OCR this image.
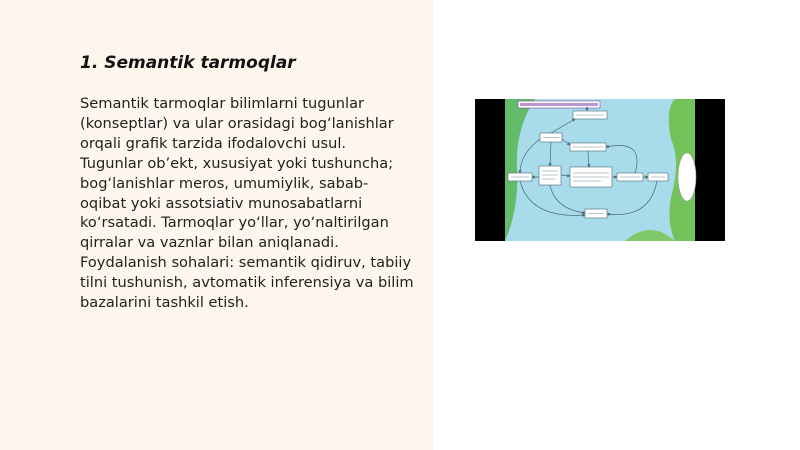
1. Semantik tarmoqlar

Semantik tarmoqlar bilimlarni tugunlar
(konseptlar) va ular orasidagi bog‘lanishlar
orqali grafik tarzida ifodalovchi usul.
Tugunlar ob’ekt, xususiyat yoki tushuncha;
bog‘lanishlar meros, umumiylik, sabab-
oqibat yoki assotsiativ munosabatlarni
ko‘rsatadi. Tarmoqlar yo‘llar, yo‘naltirilgan
qirralar va vaznlar bilan aniqlanadi.
Foydalanish sohalari: semantik qidiruv, tabiiy
tilni tushunish, avtomatik inferensiya va bilim
bazalarini tashkil etish.
